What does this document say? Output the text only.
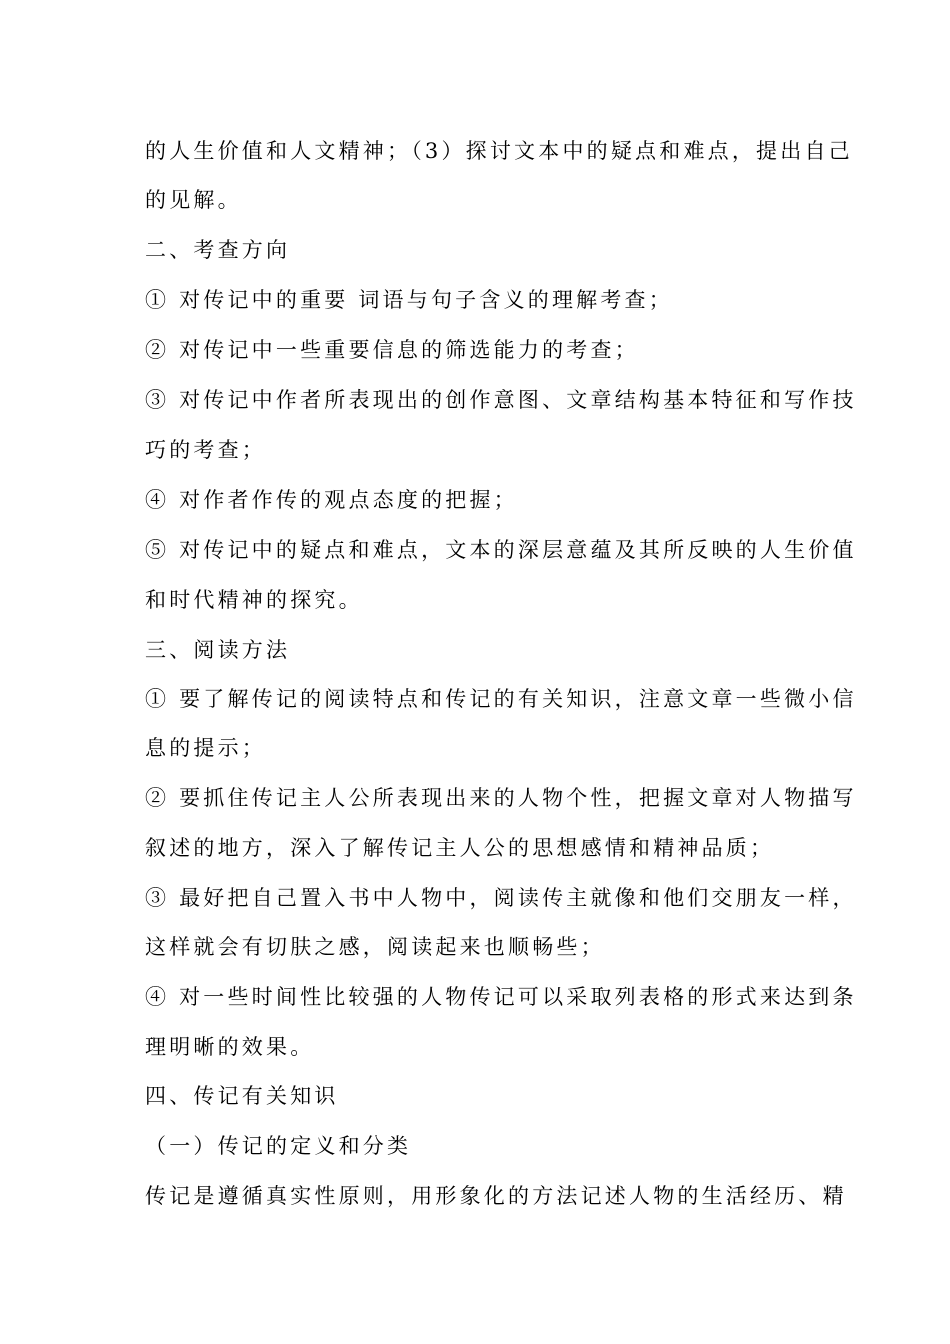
的人生价值和人文精神；（3）探讨文本中的疑点和难点，提出自己
的见解。
二、考查方向
① 对传记中的重要 词语与句子含义的理解考查；
② 对传记中一些重要信息的筛选能力的考查；
③ 对传记中作者所表现出的创作意图、文章结构基本特征和写作技
巧的考查；
④ 对作者作传的观点态度的把握；
⑤ 对传记中的疑点和难点，文本的深层意蕴及其所反映的人生价值
和时代精神的探究。
三、阅读方法
① 要了解传记的阅读特点和传记的有关知识，注意文章一些微小信
息的提示；
② 要抓住传记主人公所表现出来的人物个性，把握文章对人物描写
叙述的地方，深入了解传记主人公的思想感情和精神品质；
③ 最好把自己置入书中人物中，阅读传主就像和他们交朋友一样，
这样就会有切肤之感，阅读起来也顺畅些；
④ 对一些时间性比较强的人物传记可以采取列表格的形式来达到条
理明晰的效果。
四、传记有关知识
（一）传记的定义和分类
传记是遵循真实性原则，用形象化的方法记述人物的生活经历、精
